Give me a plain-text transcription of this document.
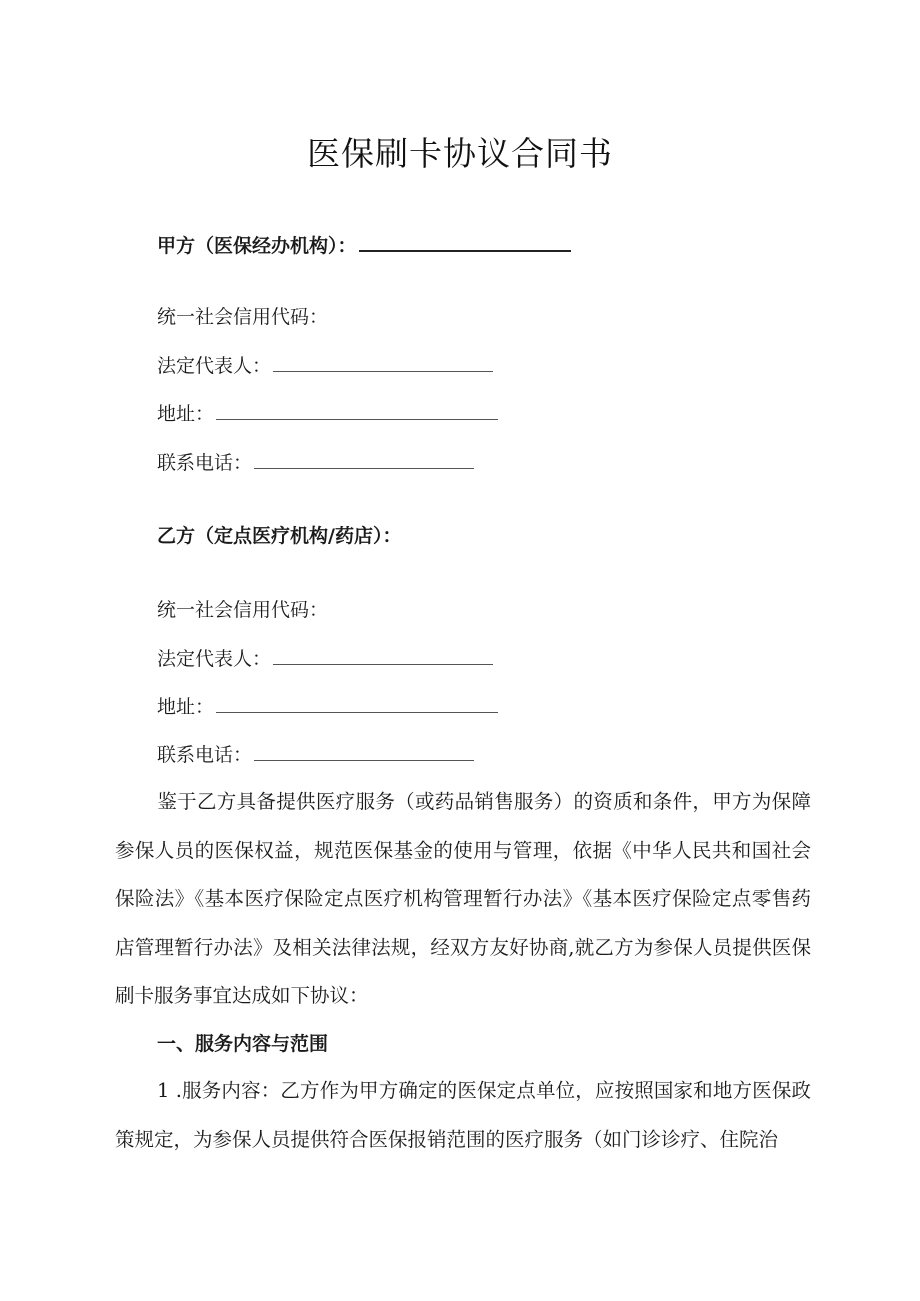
医保刷卡协议合同书
甲方（医保经办机构）：
统一社会信用代码：
法定代表人：
地址：
联系电话：
乙方（定点医疗机构/药店）：
统一社会信用代码：
法定代表人：
地址：
联系电话：

鉴于乙方具备提供医疗服务（或药品销售服务）的资质和条件，甲方为保障参保人员的医保权益，规范医保基金的使用与管理，依据《中华人民共和国社会保险法》《基本医疗保险定点医疗机构管理暂行办法》《基本医疗保险定点零售药店管理暂行办法》及相关法律法规，经双方友好协商,就乙方为参保人员提供医保刷卡服务事宜达成如下协议：

一、服务内容与范围

1 .服务内容：乙方作为甲方确定的医保定点单位，应按照国家和地方医保政策规定，为参保人员提供符合医保报销范围的医疗服务（如门诊诊疗、住院治
